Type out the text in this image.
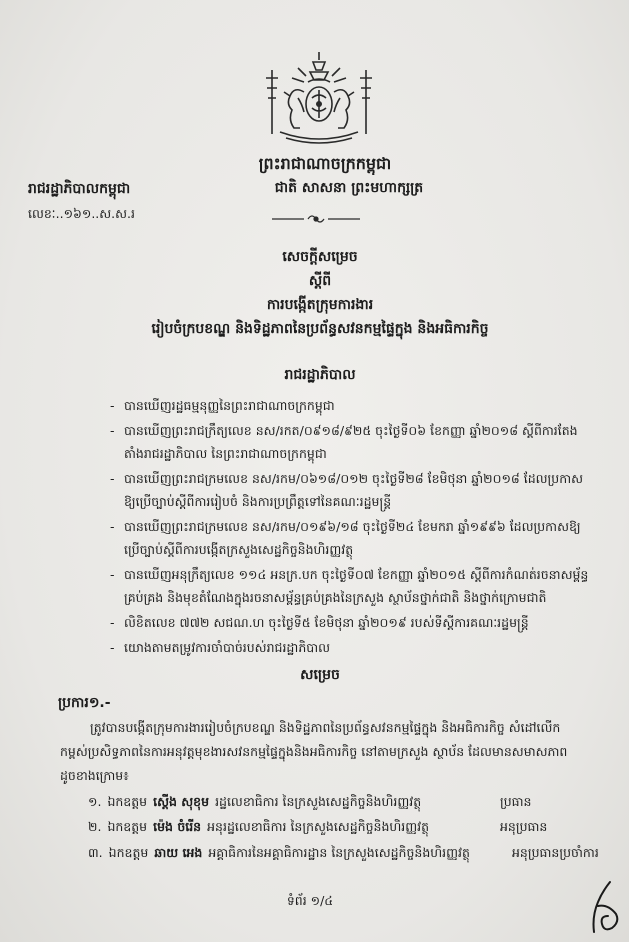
ព្រះរាជាណាចក្រកម្ពុជា
រាជរដ្ឋាភិបាលកម្ពុជា	ជាតិ សាសនា ព្រះមហាក្សត្រ
លេខៈ..១៦១..ស.ស.រ
សេចក្តីសម្រេច
ស្តីពី
ការបង្កើតក្រុមការងារ
រៀបចំក្របខណ្ឌ និងទិដ្ឋភាពនៃប្រព័ន្ធសវនកម្មផ្ទៃក្នុង និងអធិការកិច្ច
រាជរដ្ឋាភិបាល
- បានឃើញរដ្ឋធម្មនុញ្ញនៃព្រះរាជាណាចក្រកម្ពុជា
- បានឃើញព្រះរាជក្រឹត្យលេខ នស/រកត/០៩១៨/៩២៥ ចុះថ្ងៃទី០៦ ខែកញ្ញា ឆ្នាំ២០១៨ ស្តីពីការតែង
តាំងរាជរដ្ឋាភិបាល នៃព្រះរាជាណាចក្រកម្ពុជា
- បានឃើញព្រះរាជក្រមលេខ នស/រកម/០៦១៨/០១២ ចុះថ្ងៃទី២៨ ខែមិថុនា ឆ្នាំ២០១៨ ដែលប្រកាស
ឱ្យប្រើច្បាប់ស្តីពីការរៀបចំ និងការប្រព្រឹត្តទៅនៃគណៈរដ្ឋមន្ត្រី
- បានឃើញព្រះរាជក្រមលេខ នស/រកម/០១៩៦/១៨ ចុះថ្ងៃទី២៤ ខែមករា ឆ្នាំ១៩៩៦ ដែលប្រកាសឱ្យ
ប្រើច្បាប់ស្តីពីការបង្កើតក្រសួងសេដ្ឋកិច្ចនិងហិរញ្ញវត្ថុ
- បានឃើញអនុក្រឹត្យលេខ ១១៤ អនក្រ.បក ចុះថ្ងៃទី០៧ ខែកញ្ញា ឆ្នាំ២០១៥ ស្តីពីការកំណត់រចនាសម្ព័ន្ធ
គ្រប់គ្រង និងមុខតំណែងក្នុងរចនាសម្ព័ន្ធគ្រប់គ្រងនៃក្រសួង ស្ថាប័នថ្នាក់ជាតិ និងថ្នាក់ក្រោមជាតិ
- លិខិតលេខ ៧៧២ សជណ.ហ ចុះថ្ងៃទី៥ ខែមិថុនា ឆ្នាំ២០១៩ របស់ទីស្តីការគណៈរដ្ឋមន្ត្រី
- យោងតាមតម្រូវការចាំបាច់របស់រាជរដ្ឋាភិបាល
សម្រេច
ប្រការ១.-
ត្រូវបានបង្កើតក្រុមការងាររៀបចំក្របខណ្ឌ និងទិដ្ឋភាពនៃប្រព័ន្ធសវនកម្មផ្ទៃក្នុង និងអធិការកិច្ច សំដៅលើក
កម្ពស់ប្រសិទ្ធភាពនៃការអនុវត្តមុខងារសវនកម្មផ្ទៃក្នុងនិងអធិការកិច្ច នៅតាមក្រសួង ស្ថាប័ន ដែលមានសមាសភាព
ដូចខាងក្រោម៖
១. ឯកឧត្តម ស្តើង សុខុម រដ្ឋលេខាធិការ នៃក្រសួងសេដ្ឋកិច្ចនិងហិរញ្ញវត្ថុ	ប្រធាន
២. ឯកឧត្តម ម៉េង ចំរើន អនុរដ្ឋលេខាធិការ នៃក្រសួងសេដ្ឋកិច្ចនិងហិរញ្ញវត្ថុ	អនុប្រធាន
៣. ឯកឧត្តម ឆាយ អេង អគ្គាធិការនៃអគ្គាធិការដ្ឋាន នៃក្រសួងសេដ្ឋកិច្ចនិងហិរញ្ញវត្ថុ	អនុប្រធានប្រចាំការ
ទំព័រ ១/៤
